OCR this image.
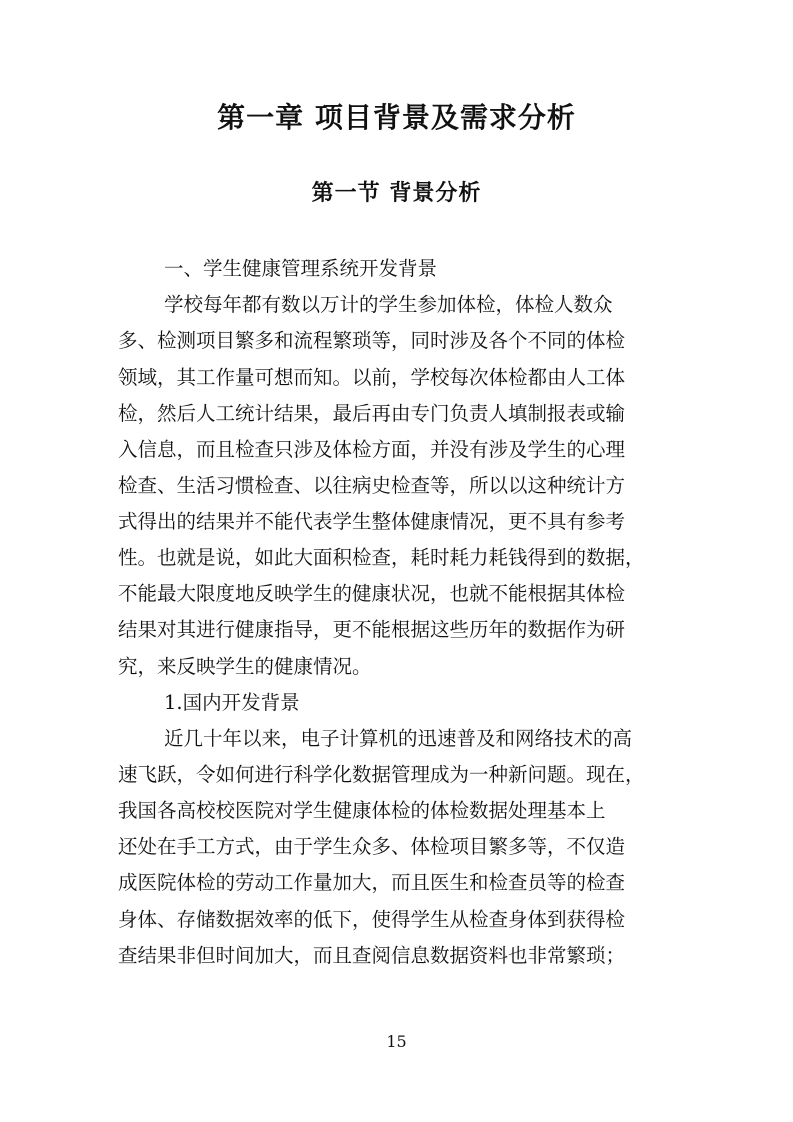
第一章 项目背景及需求分析
第一节 背景分析
一、学生健康管理系统开发背景
学校每年都有数以万计的学生参加体检，体检人数众
多、检测项目繁多和流程繁琐等，同时涉及各个不同的体检
领域，其工作量可想而知。以前，学校每次体检都由人工体
检，然后人工统计结果，最后再由专门负责人填制报表或输
入信息，而且检查只涉及体检方面，并没有涉及学生的心理
检查、生活习惯检查、以往病史检查等，所以以这种统计方
式得出的结果并不能代表学生整体健康情况，更不具有参考
性。也就是说，如此大面积检查，耗时耗力耗钱得到的数据，
不能最大限度地反映学生的健康状况，也就不能根据其体检
结果对其进行健康指导，更不能根据这些历年的数据作为研
究，来反映学生的健康情况。
1.国内开发背景
近几十年以来，电子计算机的迅速普及和网络技术的高
速飞跃，令如何进行科学化数据管理成为一种新问题。现在，
我国各高校校医院对学生健康体检的体检数据处理基本上
还处在手工方式，由于学生众多、体检项目繁多等，不仅造
成医院体检的劳动工作量加大，而且医生和检查员等的检查
身体、存储数据效率的低下，使得学生从检查身体到获得检
查结果非但时间加大，而且查阅信息数据资料也非常繁琐；
15
